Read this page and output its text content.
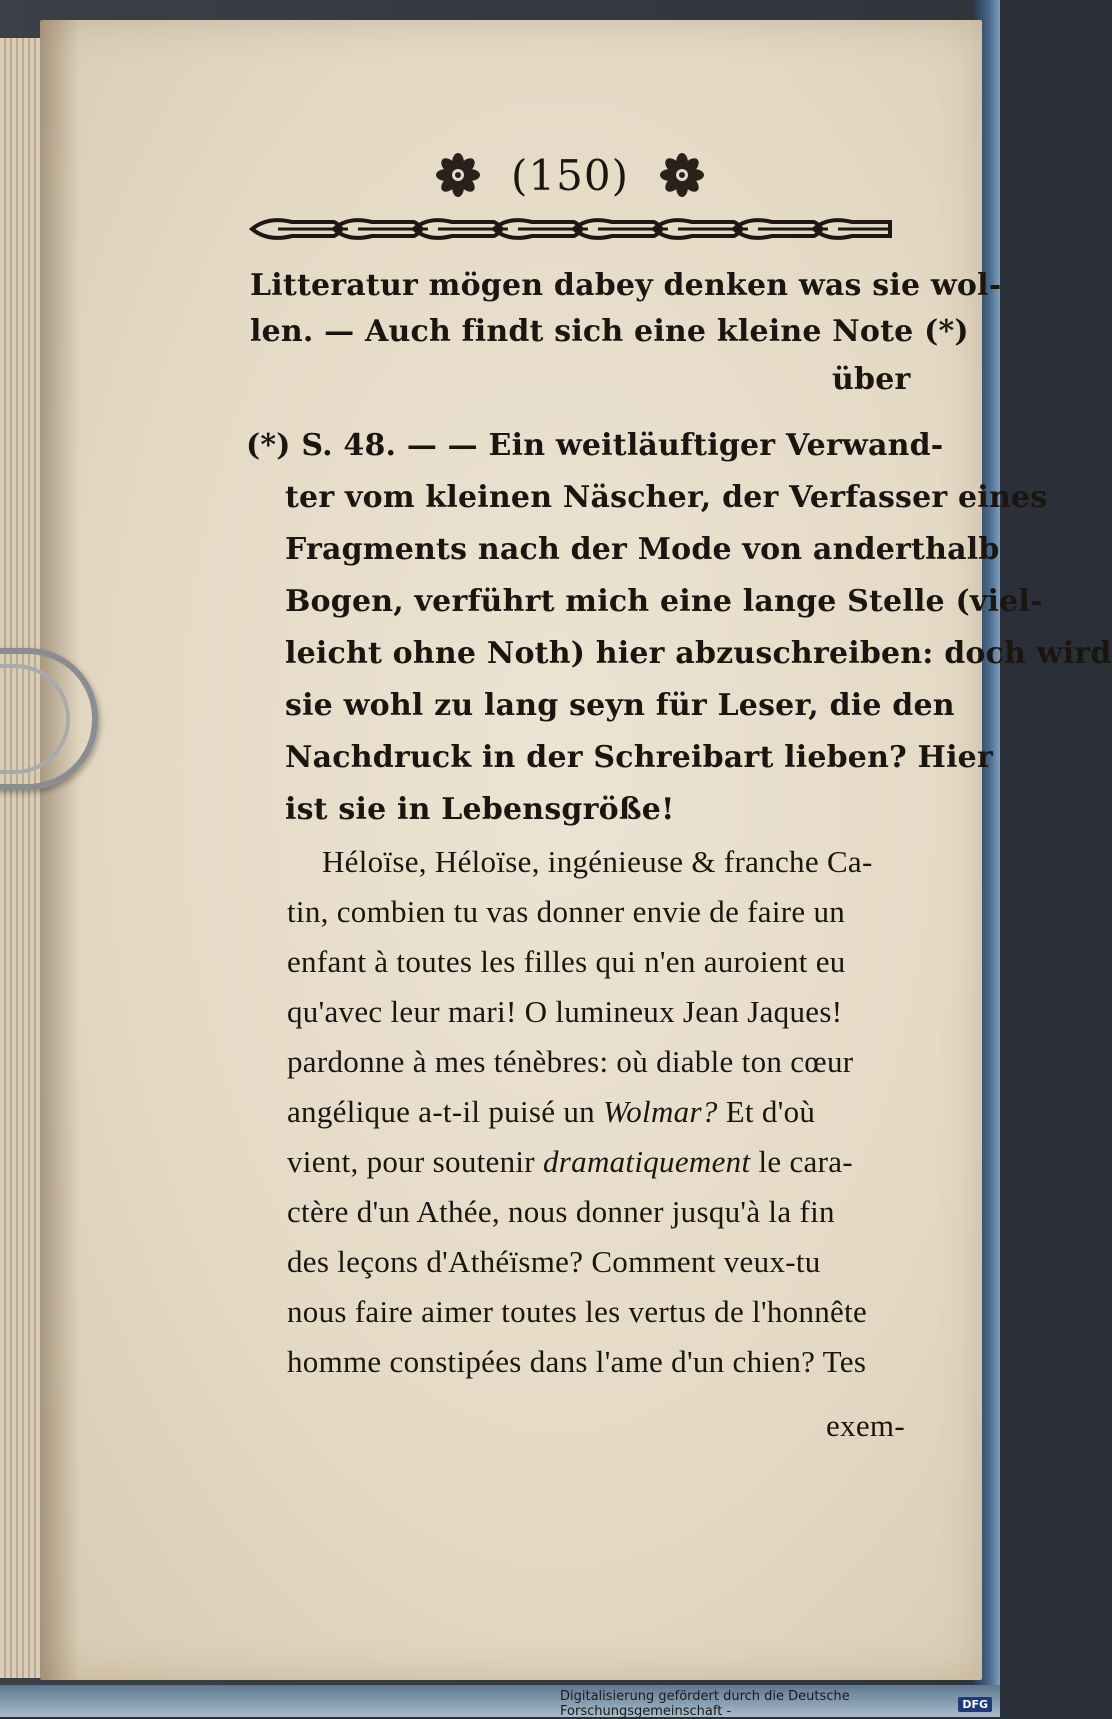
(150)
Litteratur mögen dabey denken was sie wol-
len. — Auch findt sich eine kleine Note (*)
über
(*) S. 48. — — Ein weitläuftiger Verwand-
ter vom kleinen Näscher, der Verfasser eines
Fragments nach der Mode von anderthalb
Bogen, verführt mich eine lange Stelle (viel-
leicht ohne Noth) hier abzuschreiben: doch wird
sie wohl zu lang seyn für Leser, die den
Nachdruck in der Schreibart lieben? Hier
ist sie in Lebensgröße!
Héloïse, Héloïse, ingénieuse & franche Ca-
tin, combien tu vas donner envie de faire un
enfant à toutes les filles qui n'en auroient eu
qu'avec leur mari! O lumineux Jean Jaques!
pardonne à mes ténèbres: où diable ton cœur
angélique a-t-il puisé un Wolmar? Et d'où
vient, pour soutenir dramatiquement le cara-
ctère d'un Athée, nous donner jusqu'à la fin
des leçons d'Athéïsme? Comment veux-tu
nous faire aimer toutes les vertus de l'honnête
homme constipées dans l'ame d'un chien? Tes
exem-
Digitalisierung gefördert durch die Deutsche Forschungsgemeinschaft -	DFG
